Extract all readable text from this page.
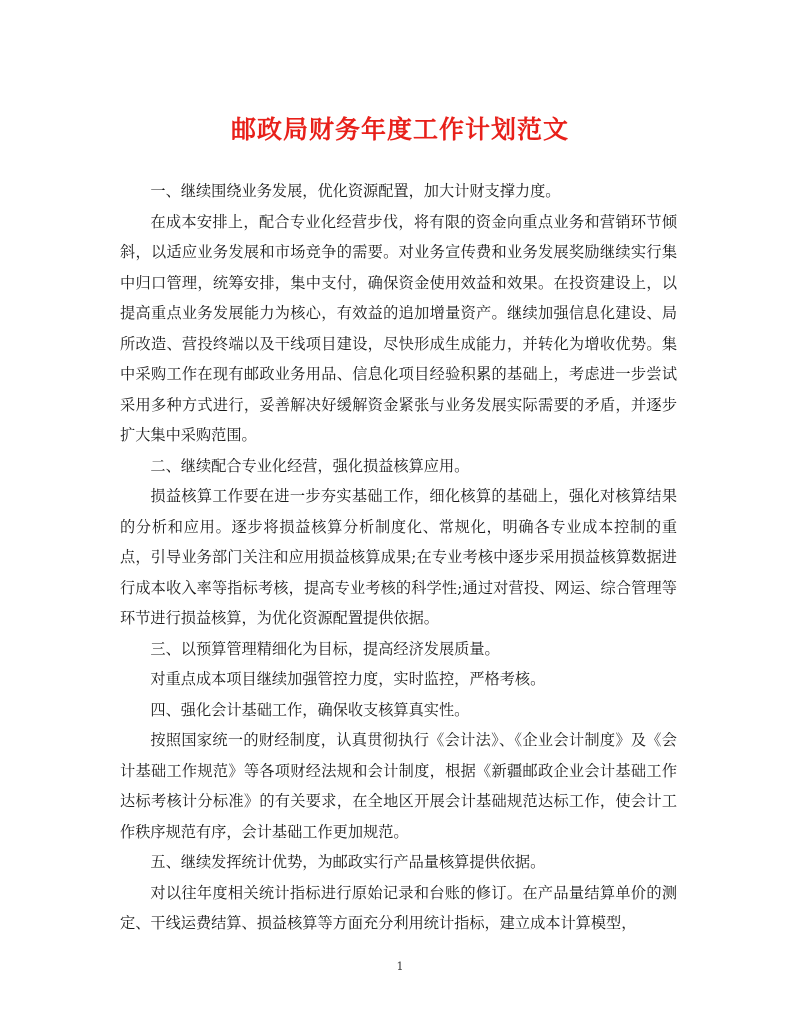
邮政局财务年度工作计划范文

一、继续围绕业务发展，优化资源配置，加大计财支撑力度。

在成本安排上，配合专业化经营步伐，将有限的资金向重点业务和营销环节倾斜，以适应业务发展和市场竞争的需要。对业务宣传费和业务发展奖励继续实行集中归口管理，统筹安排，集中支付，确保资金使用效益和效果。在投资建设上，以提高重点业务发展能力为核心，有效益的追加增量资产。继续加强信息化建设、局所改造、营投终端以及干线项目建设，尽快形成生成能力，并转化为增收优势。集中采购工作在现有邮政业务用品、信息化项目经验积累的基础上，考虑进一步尝试采用多种方式进行，妥善解决好缓解资金紧张与业务发展实际需要的矛盾，并逐步扩大集中采购范围。

二、继续配合专业化经营，强化损益核算应用。

损益核算工作要在进一步夯实基础工作，细化核算的基础上，强化对核算结果的分析和应用。逐步将损益核算分析制度化、常规化，明确各专业成本控制的重点，引导业务部门关注和应用损益核算成果;在专业考核中逐步采用损益核算数据进行成本收入率等指标考核，提高专业考核的科学性;通过对营投、网运、综合管理等环节进行损益核算，为优化资源配置提供依据。

三、以预算管理精细化为目标，提高经济发展质量。

对重点成本项目继续加强管控力度，实时监控，严格考核。

四、强化会计基础工作，确保收支核算真实性。

按照国家统一的财经制度，认真贯彻执行《会计法》、《企业会计制度》及《会计基础工作规范》等各项财经法规和会计制度，根据《新疆邮政企业会计基础工作达标考核计分标准》的有关要求，在全地区开展会计基础规范达标工作，使会计工作秩序规范有序，会计基础工作更加规范。

五、继续发挥统计优势，为邮政实行产品量核算提供依据。

对以往年度相关统计指标进行原始记录和台账的修订。在产品量结算单价的测定、干线运费结算、损益核算等方面充分利用统计指标，建立成本计算模型，

1
